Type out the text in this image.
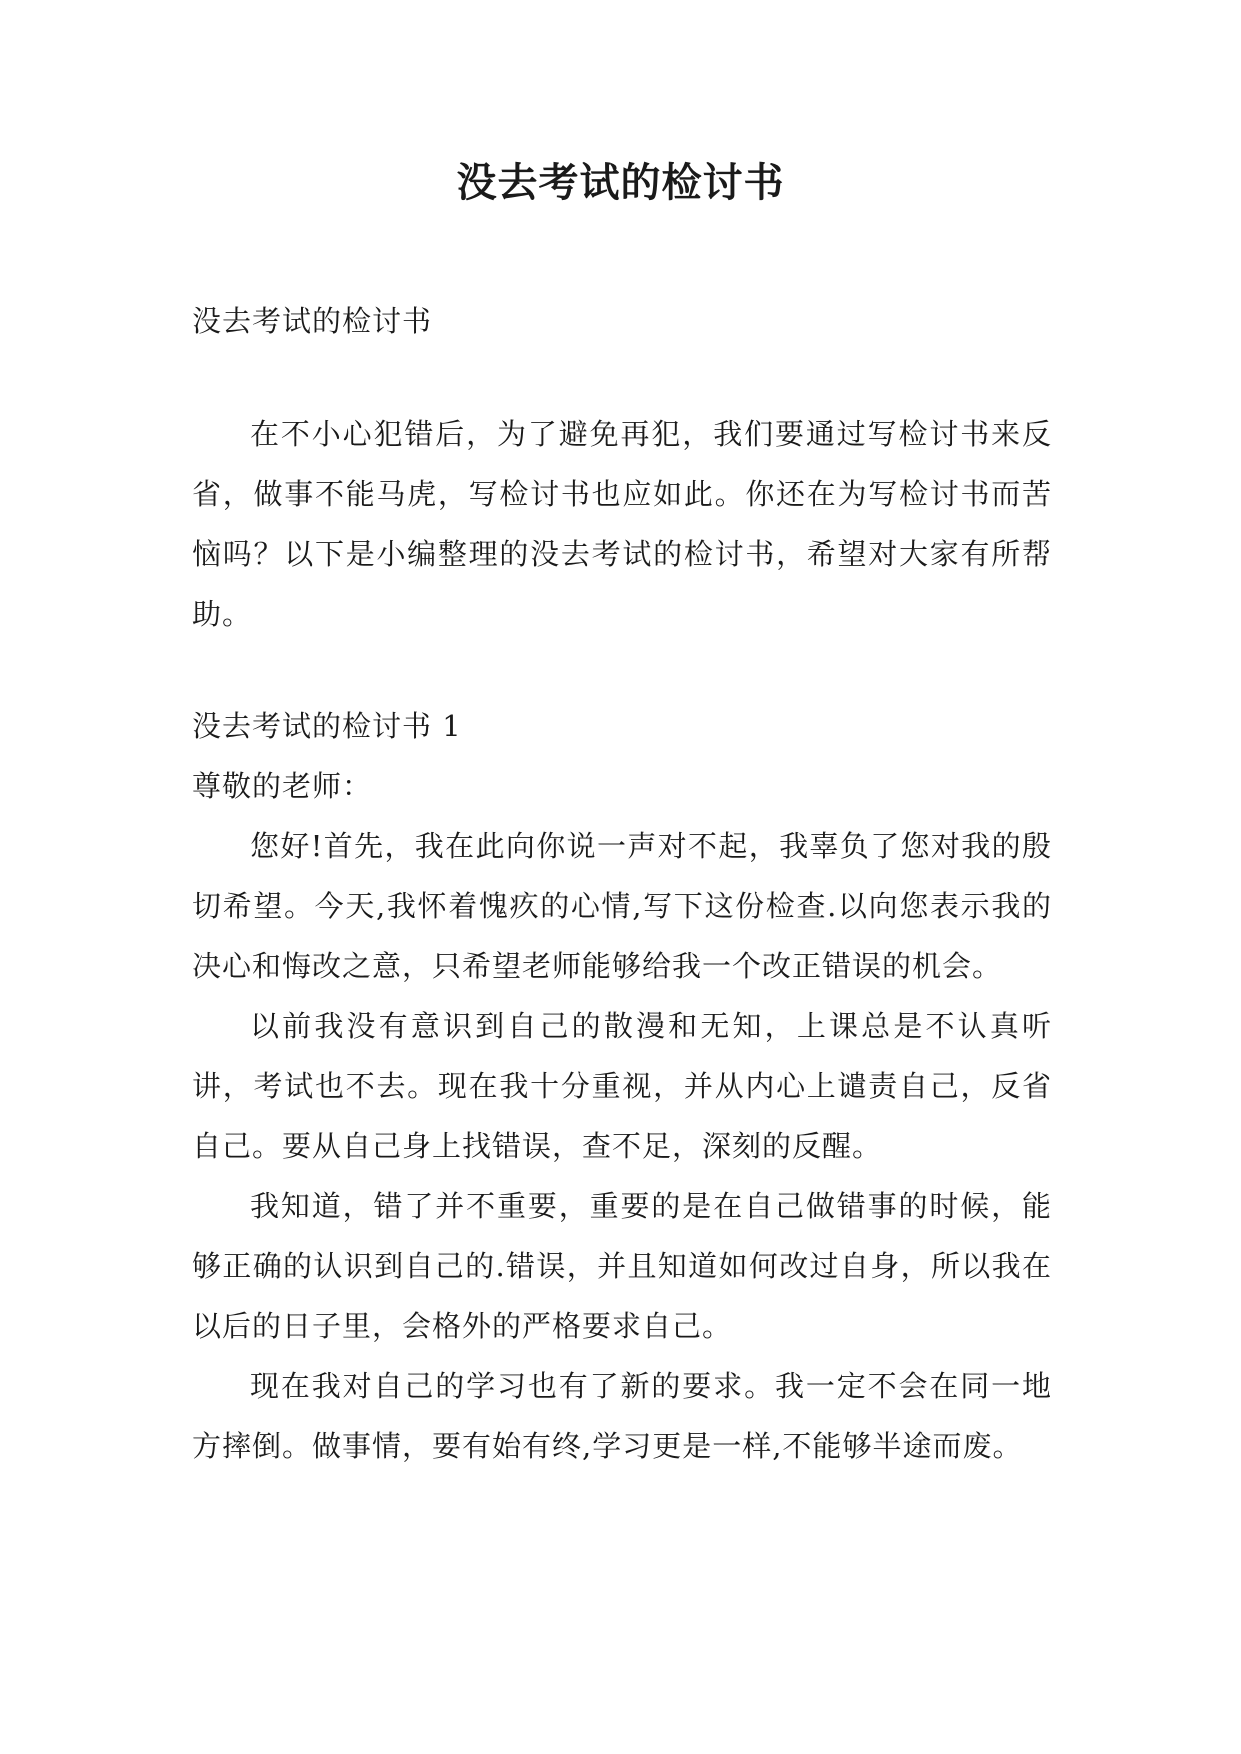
没去考试的检讨书

没去考试的检讨书

在不小心犯错后，为了避免再犯，我们要通过写检讨书来反省，做事不能马虎，写检讨书也应如此。你还在为写检讨书而苦恼吗？以下是小编整理的没去考试的检讨书，希望对大家有所帮助。

没去考试的检讨书 1

尊敬的老师：

您好!首先，我在此向你说一声对不起，我辜负了您对我的殷切希望。今天,我怀着愧疚的心情,写下这份检查.以向您表示我的决心和悔改之意，只希望老师能够给我一个改正错误的机会。

以前我没有意识到自己的散漫和无知，上课总是不认真听讲，考试也不去。现在我十分重视，并从内心上谴责自己，反省自己。要从自己身上找错误，查不足，深刻的反醒。

我知道，错了并不重要，重要的是在自己做错事的时候，能够正确的认识到自己的.错误，并且知道如何改过自身，所以我在以后的日子里，会格外的严格要求自己。

现在我对自己的学习也有了新的要求。我一定不会在同一地方摔倒。做事情，要有始有终,学习更是一样,不能够半途而废。
